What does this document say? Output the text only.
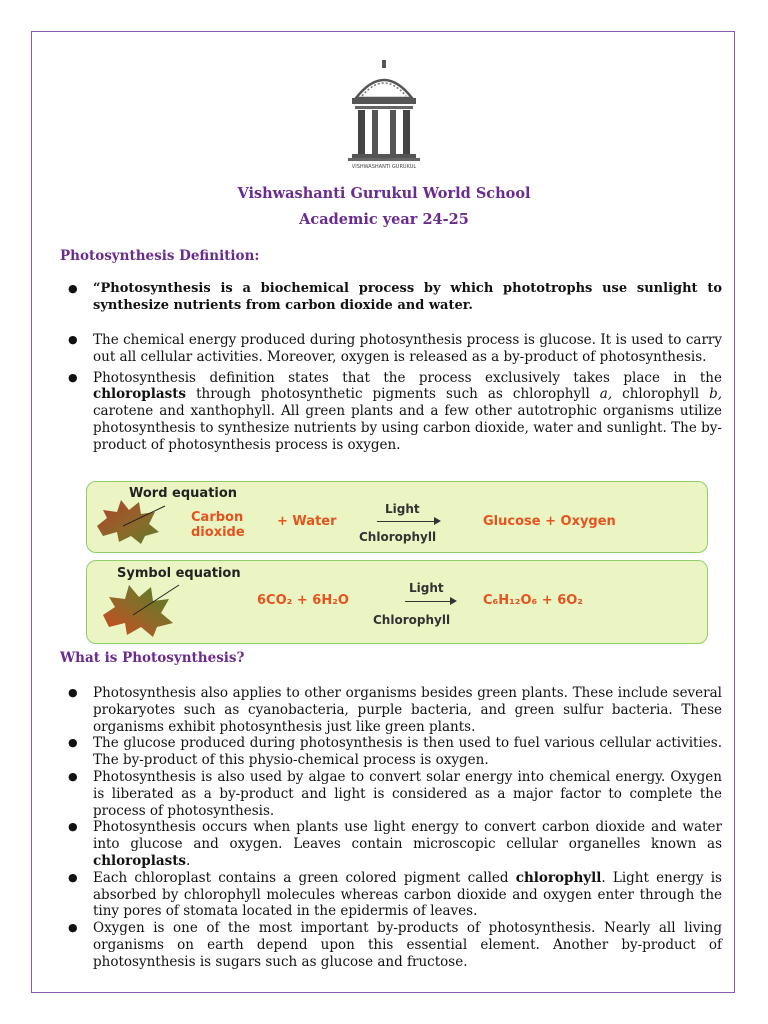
VISHWASHANTI GURUKUL
Vishwashanti Gurukul World School
Academic year 24-25
Photosynthesis Definition:
● “Photosynthesis is a biochemical process by which phototrophs use sunlight to synthesize nutrients from carbon dioxide and water.
● The chemical energy produced during photosynthesis process is glucose. It is used to carry out all cellular activities. Moreover, oxygen is released as a by-product of photosynthesis.
● Photosynthesis definition states that the process exclusively takes place in the chloroplasts through photosynthetic pigments such as chlorophyll a, chlorophyll b, carotene and xanthophyll. All green plants and a few other autotrophic organisms utilize photosynthesis to synthesize nutrients by using carbon dioxide, water and sunlight. The by-product of photosynthesis process is oxygen.
Word equation
Carbon
dioxide
+ Water
Light
Chlorophyll
Glucose + Oxygen
Symbol equation
6CO₂ + 6H₂O
Light
Chlorophyll
C₆H₁₂O₆ + 6O₂
What is Photosynthesis?
● Photosynthesis also applies to other organisms besides green plants. These include several prokaryotes such as cyanobacteria, purple bacteria, and green sulfur bacteria. These organisms exhibit photosynthesis just like green plants.
● The glucose produced during photosynthesis is then used to fuel various cellular activities. The by-product of this physio-chemical process is oxygen.
● Photosynthesis is also used by algae to convert solar energy into chemical energy. Oxygen is liberated as a by-product and light is considered as a major factor to complete the process of photosynthesis.
● Photosynthesis occurs when plants use light energy to convert carbon dioxide and water into glucose and oxygen. Leaves contain microscopic cellular organelles known as chloroplasts.
● Each chloroplast contains a green colored pigment called chlorophyll. Light energy is absorbed by chlorophyll molecules whereas carbon dioxide and oxygen enter through the tiny pores of stomata located in the epidermis of leaves.
● Oxygen is one of the most important by-products of photosynthesis. Nearly all living organisms on earth depend upon this essential element. Another by-product of photosynthesis is sugars such as glucose and fructose.
